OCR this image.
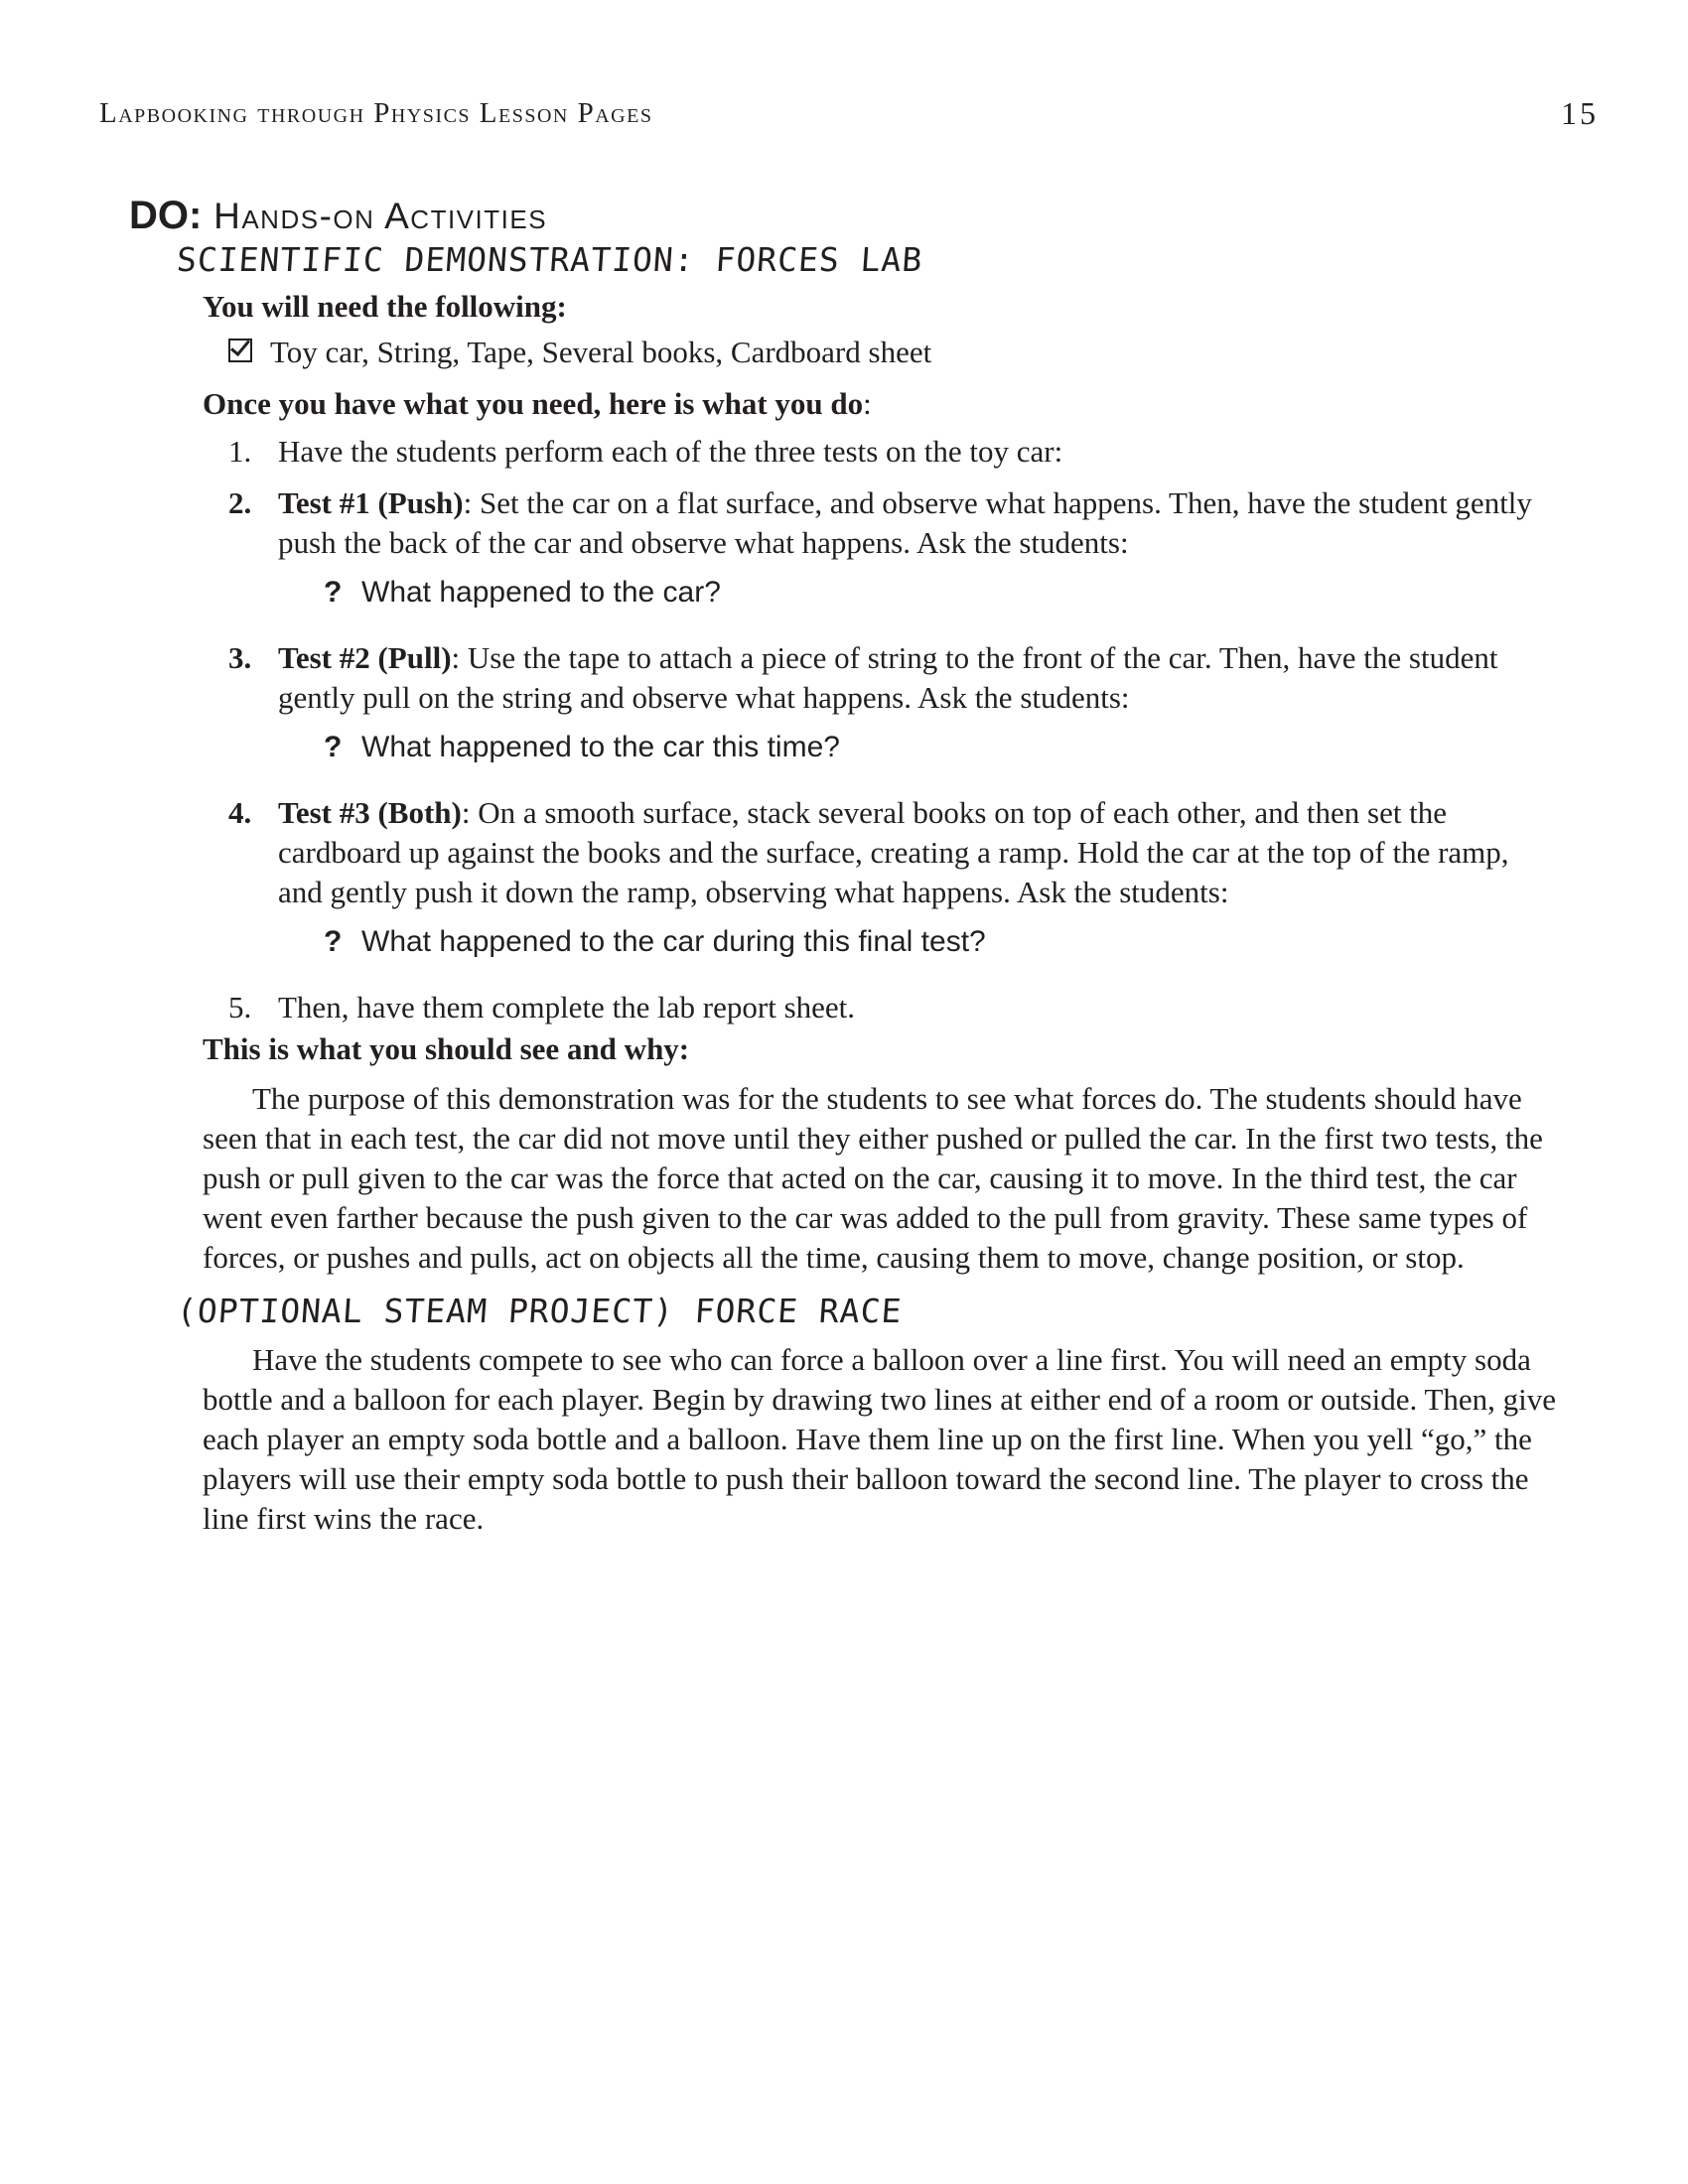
Lapbooking through Physics Lesson Pages	15
DO: Hands-on Activities
SCIENTIFIC DEMONSTRATION: FORCES LAB
You will need the following:
Toy car, String, Tape, Several books, Cardboard sheet
Once you have what you need, here is what you do:
1. Have the students perform each of the three tests on the toy car:
2. Test #1 (Push): Set the car on a flat surface, and observe what happens. Then, have the student gently push the back of the car and observe what happens. Ask the students:
? What happened to the car?
3. Test #2 (Pull): Use the tape to attach a piece of string to the front of the car. Then, have the student gently pull on the string and observe what happens. Ask the students:
? What happened to the car this time?
4. Test #3 (Both): On a smooth surface, stack several books on top of each other, and then set the cardboard up against the books and the surface, creating a ramp. Hold the car at the top of the ramp, and gently push it down the ramp, observing what happens. Ask the students:
? What happened to the car during this final test?
5. Then, have them complete the lab report sheet.
This is what you should see and why:

The purpose of this demonstration was for the students to see what forces do. The students should have seen that in each test, the car did not move until they either pushed or pulled the car. In the first two tests, the push or pull given to the car was the force that acted on the car, causing it to move. In the third test, the car went even farther because the push given to the car was added to the pull from gravity. These same types of forces, or pushes and pulls, act on objects all the time, causing them to move, change position, or stop.

(OPTIONAL STEAM PROJECT) FORCE RACE

Have the students compete to see who can force a balloon over a line first. You will need an empty soda bottle and a balloon for each player. Begin by drawing two lines at either end of a room or outside. Then, give each player an empty soda bottle and a balloon. Have them line up on the first line. When you yell “go,” the players will use their empty soda bottle to push their balloon toward the second line. The player to cross the line first wins the race.
